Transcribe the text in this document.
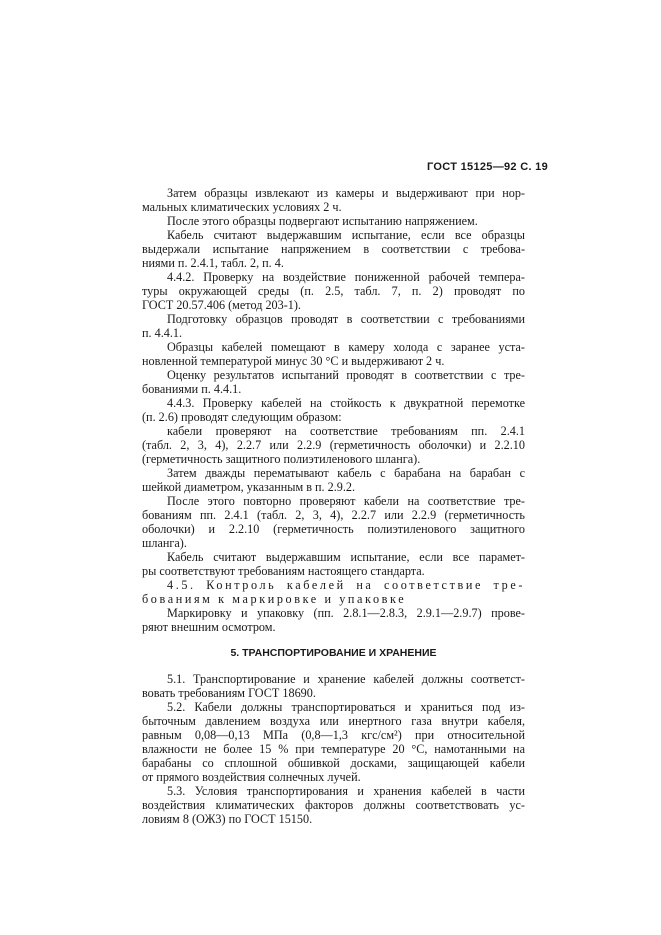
ГОСТ 15125—92 С. 19
Затем образцы извлекают из камеры и выдерживают при нор-
мальных климатических условиях 2 ч.
После этого образцы подвергают испытанию напряжением.
Кабель считают выдержавшим испытание, если все образцы
выдержали испытание напряжением в соответствии с требова-
ниями п. 2.4.1, табл. 2, п. 4.
4.4.2. Проверку на воздействие пониженной рабочей темпера-
туры окружающей среды (п. 2.5, табл. 7, п. 2) проводят по
ГОСТ 20.57.406 (метод 203-1).
Подготовку образцов проводят в соответствии с требованиями
п. 4.4.1.
Образцы кабелей помещают в камеру холода с заранее уста-
новленной температурой минус 30 °С и выдерживают 2 ч.
Оценку результатов испытаний проводят в соответствии с тре-
бованиями п. 4.4.1.
4.4.3. Проверку кабелей на стойкость к двукратной перемотке
(п. 2.6) проводят следующим образом:
кабели проверяют на соответствие требованиям пп. 2.4.1
(табл. 2, 3, 4), 2.2.7 или 2.2.9 (герметичность оболочки) и 2.2.10
(герметичность защитного полиэтиленового шланга).
Затем дважды перематывают кабель с барабана на барабан с
шейкой диаметром, указанным в п. 2.9.2.
После этого повторно проверяют кабели на соответствие тре-
бованиям пп. 2.4.1 (табл. 2, 3, 4), 2.2.7 или 2.2.9 (герметичность
оболочки) и 2.2.10 (герметичность полиэтиленового защитного
шланга).
Кабель считают выдержавшим испытание, если все парамет-
ры соответствуют требованиям настоящего стандарта.
4.5. Контроль кабелей на соответствие тре-
бованиям к маркировке и упаковке
Маркировку и упаковку (пп. 2.8.1—2.8.3, 2.9.1—2.9.7) прове-
ряют внешним осмотром.
5. ТРАНСПОРТИРОВАНИЕ И ХРАНЕНИЕ
5.1. Транспортирование и хранение кабелей должны соответст-
вовать требованиям ГОСТ 18690.
5.2. Кабели должны транспортироваться и храниться под из-
быточным давлением воздуха или инертного газа внутри кабеля,
равным 0,08—0,13 МПа (0,8—1,3 кгс/см²) при относительной
влажности не более 15 % при температуре 20 °С, намотанными на
барабаны со сплошной обшивкой досками, защищающей кабели
от прямого воздействия солнечных лучей.
5.3. Условия транспортирования и хранения кабелей в части
воздействия климатических факторов должны соответствовать ус-
ловиям 8 (ОЖ3) по ГОСТ 15150.
